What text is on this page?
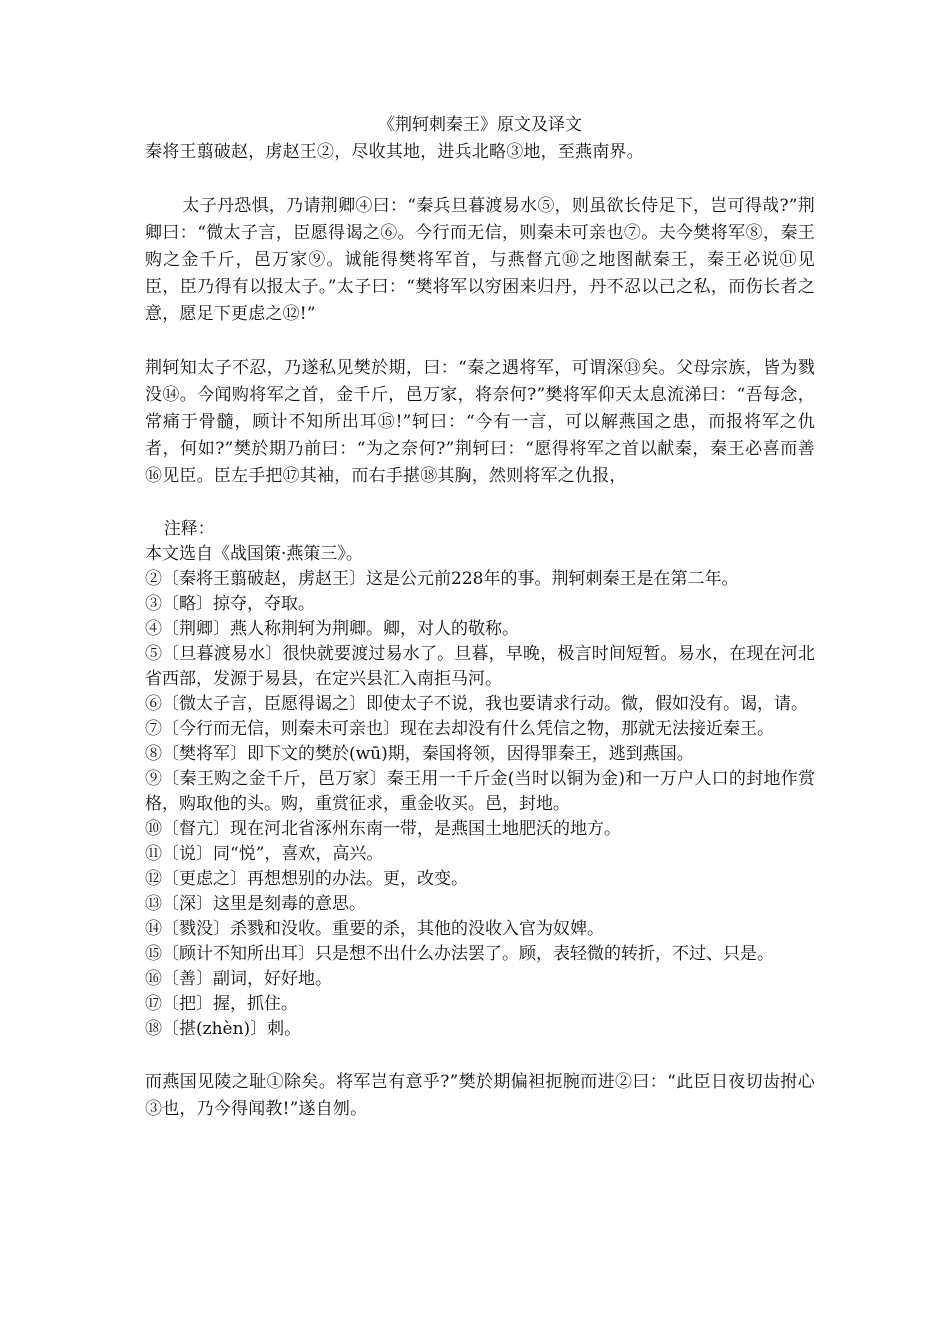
《荆轲刺秦王》原文及译文

秦将王翦破赵，虏赵王②，尽收其地，进兵北略③地，至燕南界。

太子丹恐惧，乃请荆卿④曰：“秦兵旦暮渡易水⑤，则虽欲长侍足下，岂可得哉?”荆卿曰：“微太子言，臣愿得谒之⑥。今行而无信，则秦未可亲也⑦。夫今樊将军⑧，秦王购之金千斤，邑万家⑨。诚能得樊将军首，与燕督亢⑩之地图献秦王，秦王必说⑪见臣，臣乃得有以报太子。”太子曰：“樊将军以穷困来归丹，丹不忍以己之私，而伤长者之意，愿足下更虑之⑫!”

荆轲知太子不忍，乃遂私见樊於期，曰：“秦之遇将军，可谓深⑬矣。父母宗族，皆为戮没⑭。今闻购将军之首，金千斤，邑万家，将奈何?”樊将军仰天太息流涕曰：“吾每念，常痛于骨髓，顾计不知所出耳⑮!”轲曰：“今有一言，可以解燕国之患，而报将军之仇者，何如?”樊於期乃前曰：“为之奈何?”荆轲曰：“愿得将军之首以献秦，秦王必喜而善⑯见臣。臣左手把⑰其袖，而右手揕⑱其胸，然则将军之仇报，

注释：

本文选自《战国策·燕策三》。

②〔秦将王翦破赵，虏赵王〕这是公元前228年的事。荆轲刺秦王是在第二年。

③〔略〕掠夺，夺取。

④〔荆卿〕燕人称荆轲为荆卿。卿，对人的敬称。

⑤〔旦暮渡易水〕很快就要渡过易水了。旦暮，早晚，极言时间短暂。易水，在现在河北省西部，发源于易县，在定兴县汇入南拒马河。

⑥〔微太子言，臣愿得谒之〕即使太子不说，我也要请求行动。微，假如没有。谒，请。

⑦〔今行而无信，则秦未可亲也〕现在去却没有什么凭信之物，那就无法接近秦王。

⑧〔樊将军〕即下文的樊於(wū)期，秦国将领，因得罪秦王，逃到燕国。

⑨〔秦王购之金千斤，邑万家〕秦王用一千斤金(当时以铜为金)和一万户人口的封地作赏格，购取他的头。购，重赏征求，重金收买。邑，封地。

⑩〔督亢〕现在河北省涿州东南一带，是燕国土地肥沃的地方。

⑪〔说〕同“悦”，喜欢，高兴。

⑫〔更虑之〕再想想别的办法。更，改变。

⑬〔深〕这里是刻毒的意思。

⑭〔戮没〕杀戮和没收。重要的杀，其他的没收入官为奴婢。

⑮〔顾计不知所出耳〕只是想不出什么办法罢了。顾，表轻微的转折，不过、只是。

⑯〔善〕副词，好好地。

⑰〔把〕握，抓住。

⑱〔揕(zhèn)〕刺。

而燕国见陵之耻①除矣。将军岂有意乎?”樊於期偏袒扼腕而进②曰：“此臣日夜切齿拊心③也，乃今得闻教!”遂自刎。
